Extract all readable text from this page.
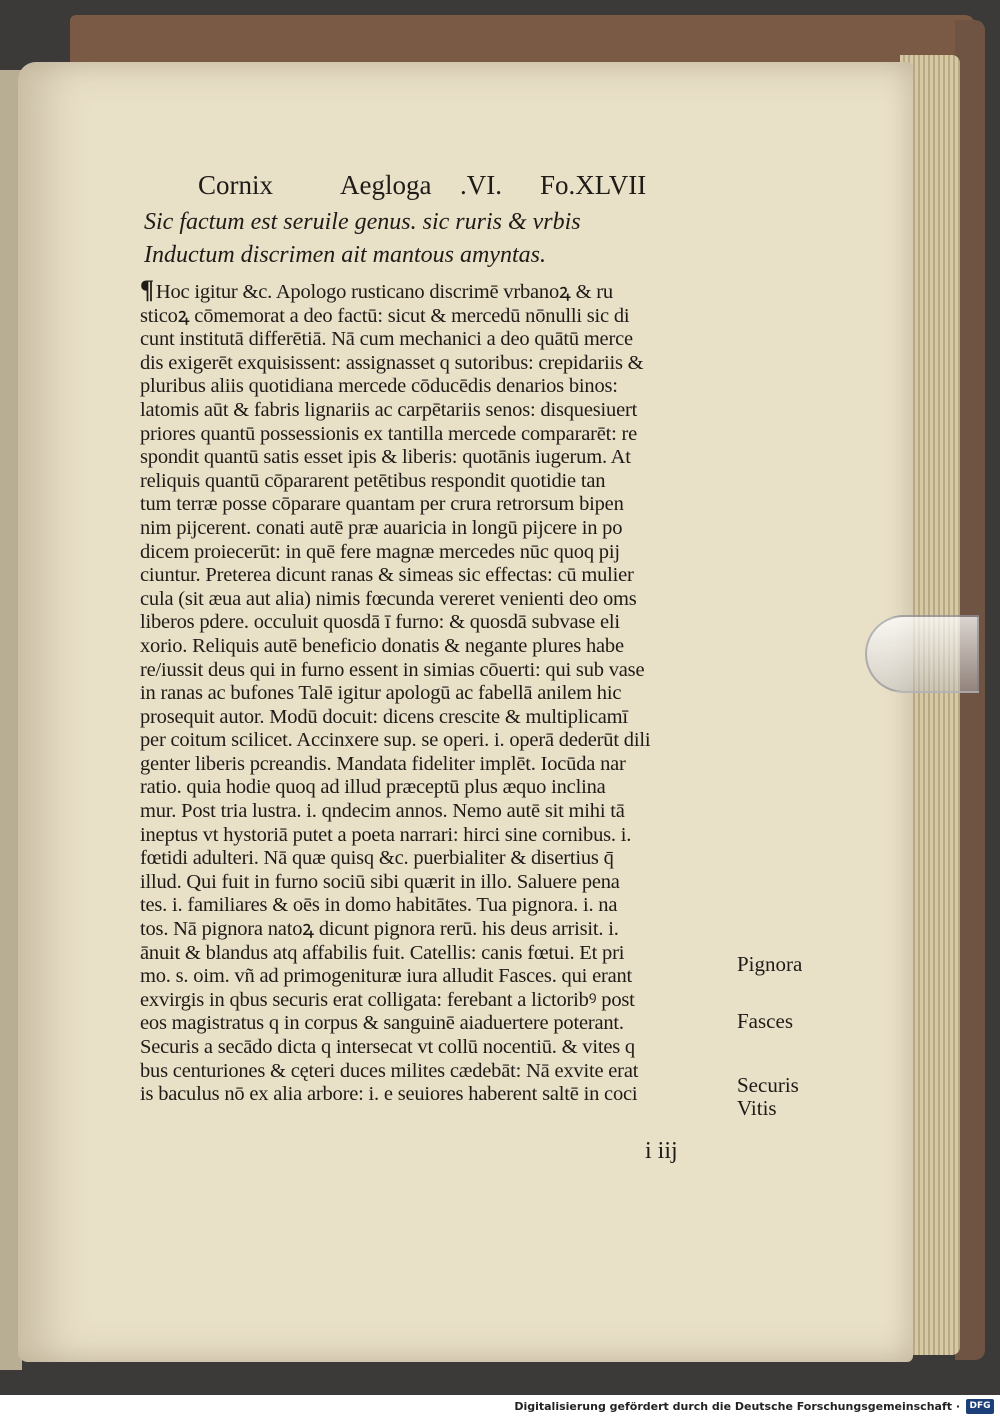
Cornix Aegloga .VI. Fo.XLVII
Sic factum est seruile genus. sic ruris & vrbis
Inductum discrimen ait mantous amyntas.
¶Hoc igitur &c. Apologo rusticano discrimē vrbanoꝝ & ru
sticoꝝ cōmemorat a deo factū: sicut & mercedū nōnulli sic di
cunt institutā differētiā. Nā cum mechanici a deo quātū merce
dis exigerēt exquisissent: assignasset q sutoribus: crepidariis &
pluribus aliis quotidiana mercede cōducēdis denarios binos:
latomis aūt & fabris lignariis ac carpētariis senos: disquesiuert
priores quantū possessionis ex tantilla mercede compararēt: re
spondit quantū satis esset ipis & liberis: quotānis iugerum. At
reliquis quantū cōpararent petētibus respondit quotidie tan
tum terræ posse cōparare quantam per crura retrorsum bipen
nim pijcerent. conati autē præ auaricia in longū pijcere in po
dicem proiecerūt: in quē fere magnæ mercedes nūc quoq pij
ciuntur. Preterea dicunt ranas & simeas sic effectas: cū mulier
cula (sit æua aut alia) nimis fœcunda vereret venienti deo oms
liberos pdere. occuluit quosdā ī furno: & quosdā subvase eli
xorio. Reliquis autē beneficio donatis & negante plures habe
re/iussit deus qui in furno essent in simias cōuerti: qui sub vase
in ranas ac bufones Talē igitur apologū ac fabellā anilem hic
prosequit autor. Modū docuit: dicens crescite & multiplicamī
per coitum scilicet. Accinxere sup. se operi. i. operā dederūt dili
genter liberis pcreandis. Mandata fideliter implēt. Iocūda nar
ratio. quia hodie quoq ad illud præceptū plus æquo inclina
mur. Post tria lustra. i. qndecim annos. Nemo autē sit mihi tā
ineptus vt hystoriā putet a poeta narrari: hirci sine cornibus. i.
fœtidi adulteri. Nā quæ quisq &c. puerbialiter & disertius q̄
illud. Qui fuit in furno sociū sibi quærit in illo. Saluere pena
tes. i. familiares & oēs in domo habitātes. Tua pignora. i. na
tos. Nā pignora natoꝝ dicunt pignora rerū. his deus arrisit. i.
ānuit & blandus atq affabilis fuit. Catellis: canis fœtui. Et pri
mo. s. oim. vñ ad primogenituræ iura alludit Fasces. qui erant
exvirgis in qbus securis erat colligata: ferebant a lictoribꝰ post
eos magistratus q in corpus & sanguinē aiaduertere poterant.
Securis a secādo dicta q intersecat vt collū nocentiū. & vites q
bus centuriones & cęteri duces milites cædebāt: Nā exvite erat
is baculus nō ex alia arbore: i. e seuiores haberent saltē in coci
Pignora
Fasces
Securis
Vitis
i iij
Digitalisierung gefördert durch die Deutsche Forschungsgemeinschaft ·	DFG
